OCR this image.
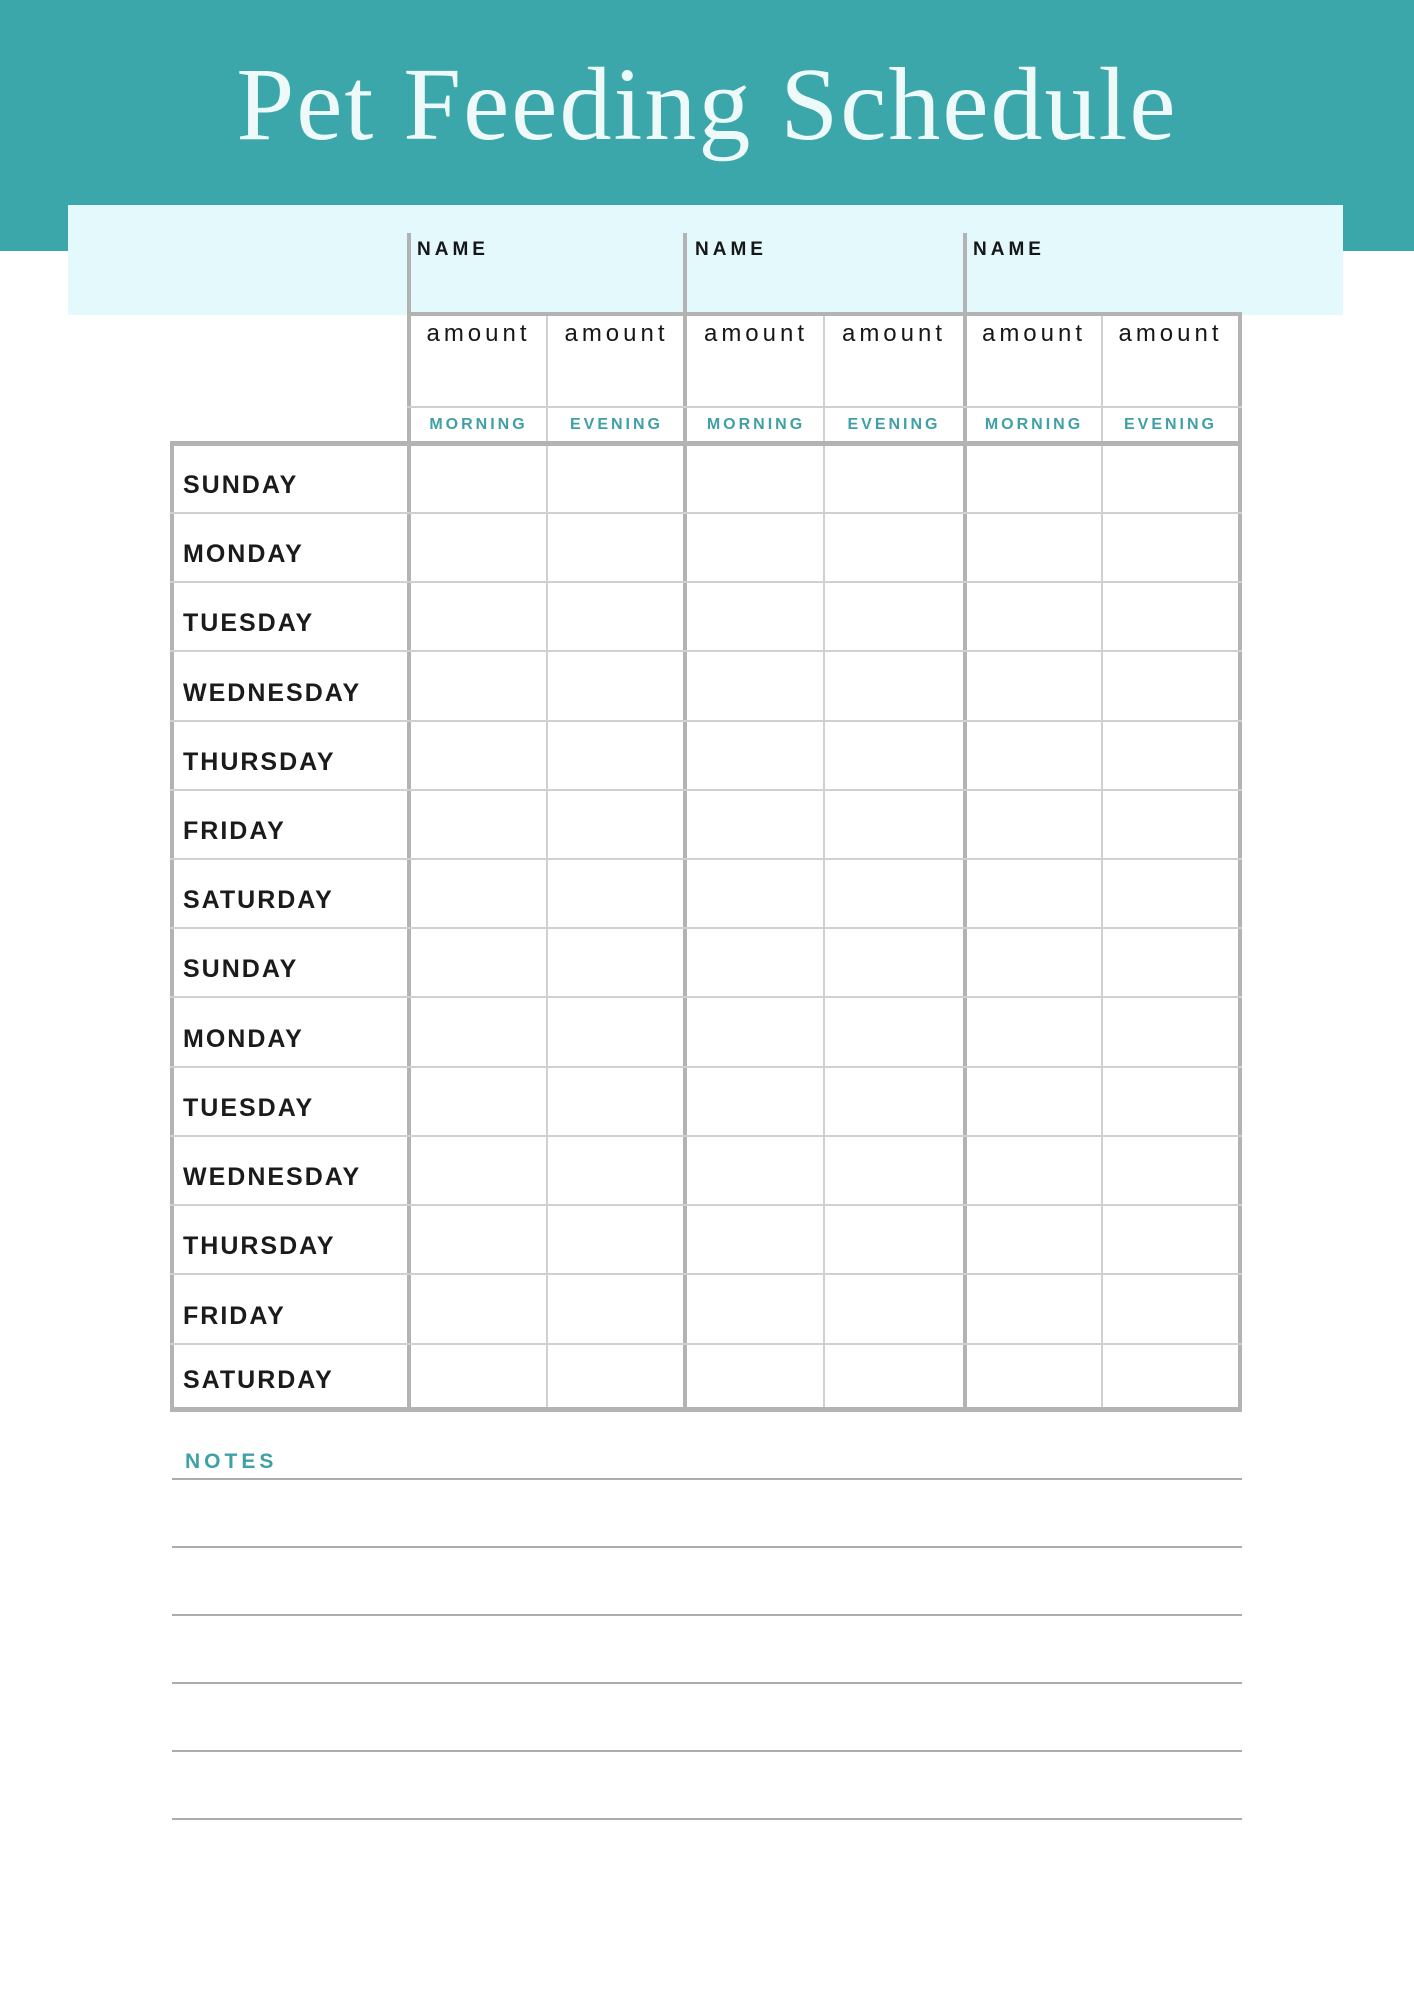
Pet Feeding Schedule
NAME	NAME	NAME
amount	amount	amount	amount	amount	amount
MORNING	EVENING	MORNING	EVENING	MORNING	EVENING
SUNDAY
MONDAY
TUESDAY
WEDNESDAY
THURSDAY
FRIDAY
SATURDAY
SUNDAY
MONDAY
TUESDAY
WEDNESDAY
THURSDAY
FRIDAY
SATURDAY
NOTES
